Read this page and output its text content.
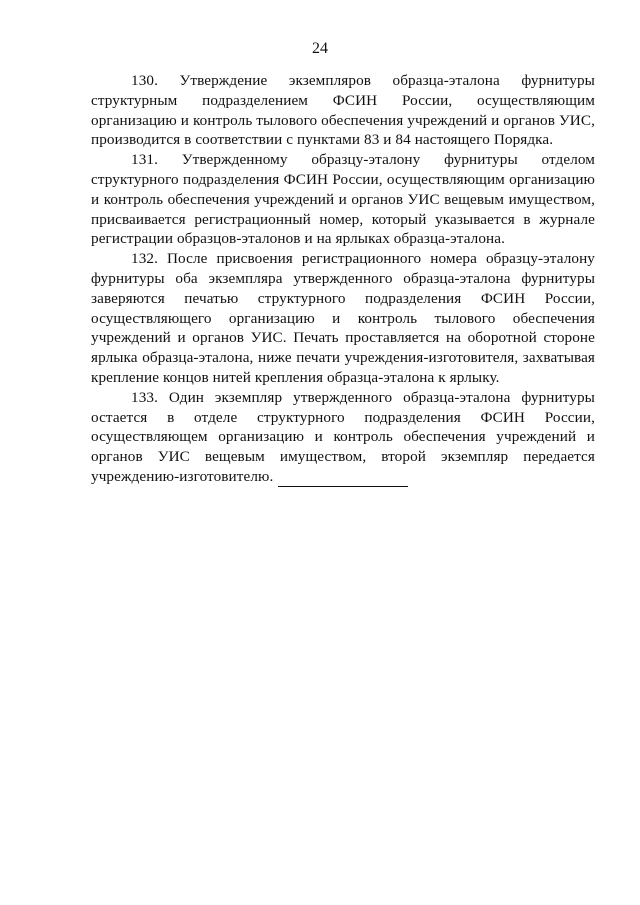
24

130. Утверждение экземпляров образца-эталона фурнитуры структурным подразделением ФСИН России, осуществляющим организацию и контроль тылового обеспечения учреждений и органов УИС, производится в соответствии с пунктами 83 и 84 настоящего Порядка.

131. Утвержденному образцу-эталону фурнитуры отделом структурного подразделения ФСИН России, осуществляющим организацию и контроль обеспечения учреждений и органов УИС вещевым имуществом, присваивается регистрационный номер, который указывается в журнале регистрации образцов-эталонов и на ярлыках образца-эталона.

132. После присвоения регистрационного номера образцу-эталону фурнитуры оба экземпляра утвержденного образца-эталона фурнитуры заверяются печатью структурного подразделения ФСИН России, осуществляющего организацию и контроль тылового обеспечения учреждений и органов УИС. Печать проставляется на оборотной стороне ярлыка образца-эталона, ниже печати учреждения-изготовителя, захватывая крепление концов нитей крепления образца-эталона к ярлыку.

133. Один экземпляр утвержденного образца-эталона фурнитуры остается в отделе структурного подразделения ФСИН России, осуществляющем организацию и контроль обеспечения учреждений и органов УИС вещевым имуществом, второй экземпляр передается учреждению-изготовителю.
